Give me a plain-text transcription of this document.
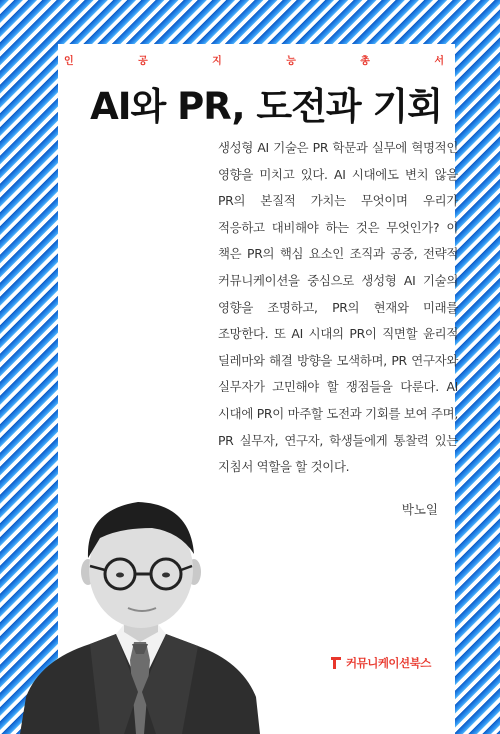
인	공	지	능	총	서
AI와 PR, 도전과 기회
생성형 AI 기술은 PR 학문과 실무에 혁명적인 영향을 미치고 있다. AI 시대에도 변치 않을 PR의 본질적 가치는 무엇이며 우리가 적응하고 대비해야 하는 것은 무엇인가? 이 책은 PR의 핵심 요소인 조직과 공중, 전략적 커뮤니케이션을 중심으로 생성형 AI 기술의 영향을 조명하고, PR의 현재와 미래를 조망한다. 또 AI 시대의 PR이 직면할 윤리적 딜레마와 해결 방향을 모색하며, PR 연구자와 실무자가 고민해야 할 쟁점들을 다룬다. AI 시대에 PR이 마주할 도전과 기회를 보여 주며, PR 실무자, 연구자, 학생들에게 통찰력 있는 지침서 역할을 할 것이다.
박노일
커뮤니케이션북스
